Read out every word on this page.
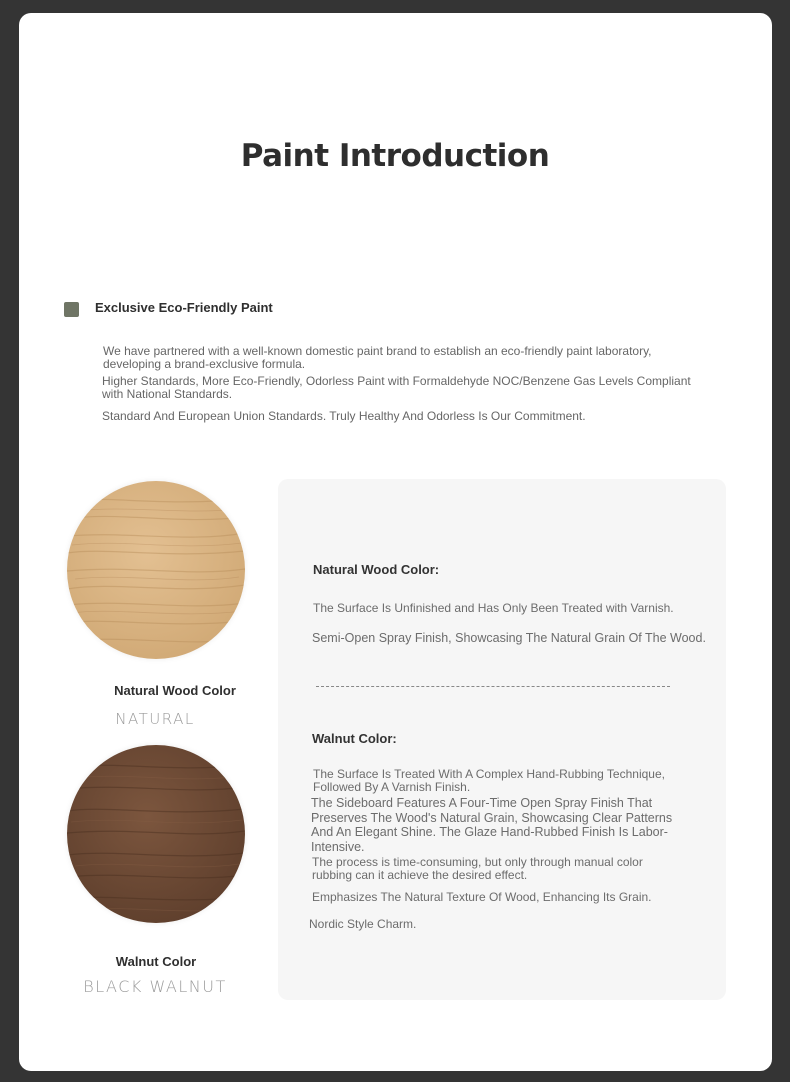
Paint Introduction
Exclusive Eco-Friendly Paint

We have partnered with a well-known domestic paint brand to establish an eco-friendly paint laboratory, developing a brand-exclusive formula.

Higher Standards, More Eco-Friendly, Odorless Paint with Formaldehyde NOC/Benzene Gas Levels Compliant with National Standards.

Standard And European Union Standards. Truly Healthy And Odorless Is Our Commitment.

Natural Wood Color
NATURAL
Walnut Color
BLACK WALNUT
Natural Wood Color:

The Surface Is Unfinished and Has Only Been Treated with Varnish.

Semi-Open Spray Finish, Showcasing The Natural Grain Of The Wood.

Walnut Color:

The Surface Is Treated With A Complex Hand-Rubbing Technique, Followed By A Varnish Finish.

The Sideboard Features A Four-Time Open Spray Finish That Preserves The Wood's Natural Grain, Showcasing Clear Patterns And An Elegant Shine. The Glaze Hand-Rubbed Finish Is Labor-Intensive.

The process is time-consuming, but only through manual color rubbing can it achieve the desired effect.

Emphasizes The Natural Texture Of Wood, Enhancing Its Grain.

Nordic Style Charm.
